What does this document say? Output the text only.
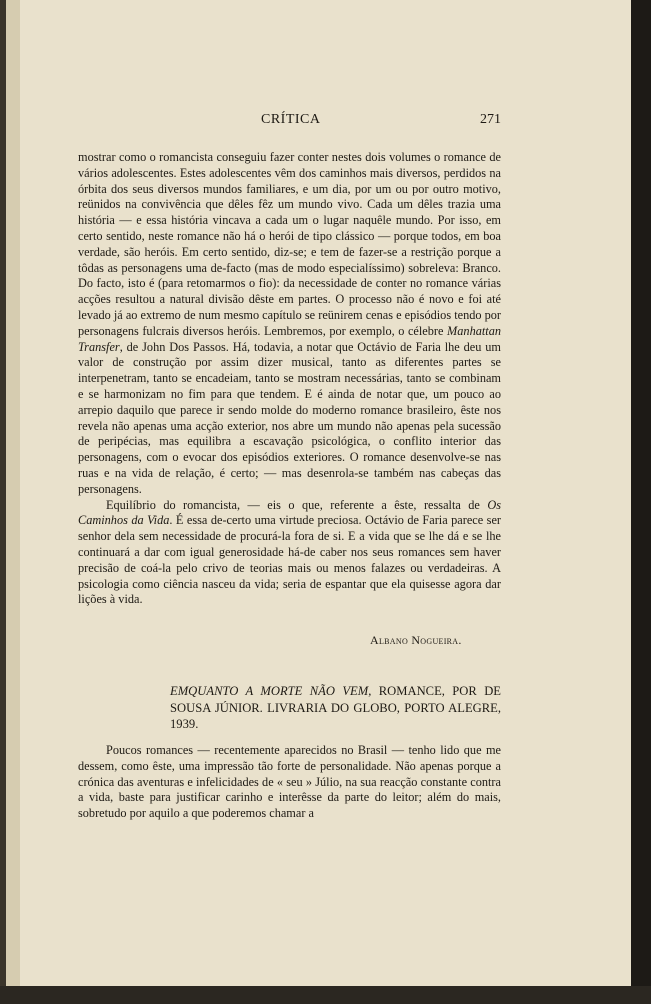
CRÍTICA	271

mostrar como o romancista conseguiu fazer conter nestes dois volumes o romance de vários adolescentes. Estes adolescentes vêm dos caminhos mais diversos, perdidos na órbita dos seus diversos mundos familiares, e um dia, por um ou por outro motivo, reünidos na convivência que dêles fêz um mundo vivo. Cada um dêles trazia uma história — e essa história vincava a cada um o lugar naquêle mundo. Por isso, em certo sentido, neste romance não há o herói de tipo clássico — porque todos, em boa verdade, são heróis. Em certo sentido, diz-se; e tem de fazer-se a restrição porque a tôdas as personagens uma de-facto (mas de modo especialíssimo) sobreleva: Branco. Do facto, isto é (para retomarmos o fio): da necessidade de conter no romance várias acções resultou a natural divisão dêste em partes. O processo não é novo e foi até levado já ao extremo de num mesmo capítulo se reünirem cenas e episódios tendo por personagens fulcrais diversos heróis. Lembremos, por exemplo, o célebre Manhattan Transfer, de John Dos Passos. Há, todavia, a notar que Octávio de Faria lhe deu um valor de construção por assim dizer musical, tanto as diferentes partes se interpenetram, tanto se encadeiam, tanto se mostram necessárias, tanto se combinam e se harmonizam no fim para que tendem. E é ainda de notar que, um pouco ao arrepio daquilo que parece ir sendo molde do moderno romance brasileiro, êste nos revela não apenas uma acção exterior, nos abre um mundo não apenas pela sucessão de peripécias, mas equilibra a escavação psicológica, o conflito interior das personagens, com o evocar dos episódios exteriores. O romance desenvolve-se nas ruas e na vida de relação, é certo; — mas desenrola-se também nas cabeças das personagens.

Equilíbrio do romancista, — eis o que, referente a êste, ressalta de Os Caminhos da Vida. É essa de-certo uma virtude preciosa. Octávio de Faria parece ser senhor dela sem necessidade de procurá-la fora de si. E a vida que se lhe dá e se lhe continuará a dar com igual generosidade há-de caber nos seus romances sem haver precisão de coá-la pelo crivo de teorias mais ou menos falazes ou verdadeiras. A psicologia como ciência nasceu da vida; seria de espantar que ela quisesse agora dar lições à vida.

Albano Nogueira.
EMQUANTO A MORTE NÃO VEM, ROMANCE, POR DE SOUSA JÚNIOR. LIVRARIA DO GLOBO, PORTO ALEGRE, 1939.

Poucos romances — recentemente aparecidos no Brasil — tenho lido que me dessem, como êste, uma impressão tão forte de personalidade. Não apenas porque a crónica das aventuras e infelicidades de « seu » Júlio, na sua reacção constante contra a vida, baste para justificar carinho e interêsse da parte do leitor; além do mais, sobretudo por aquilo a que poderemos chamar a
